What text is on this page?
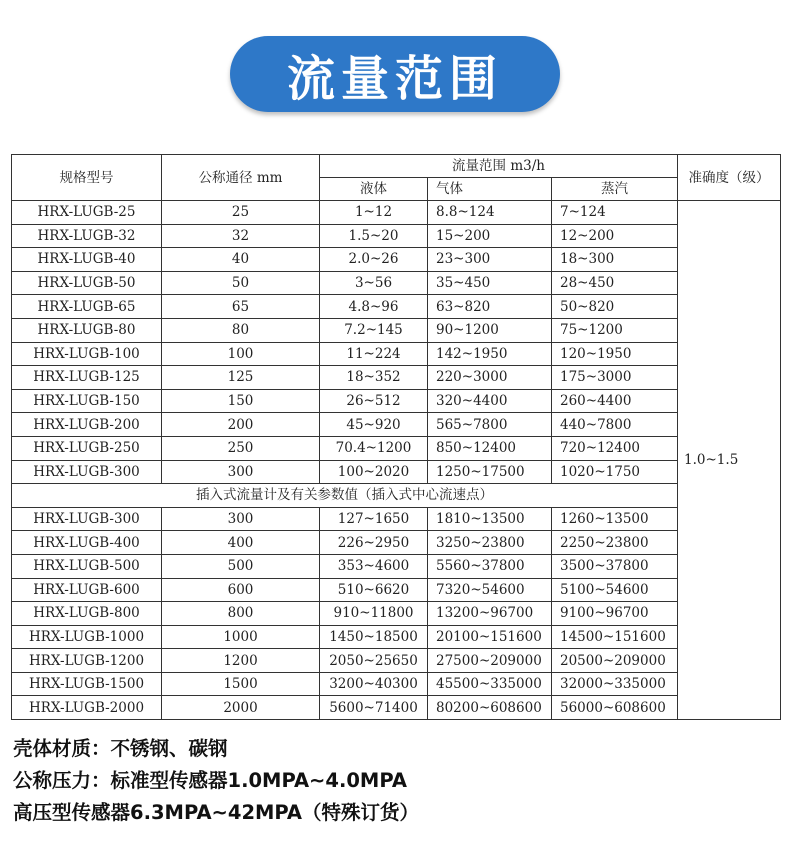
流量范围
规格型号	公称通径 mm	流量范围 m3/h			准确度（级）
		液体	气体	蒸汽	
HRX-LUGB-25	25	1~12	8.8~124	7~124	1.0~1.5
HRX-LUGB-32	32	1.5~20	15~200	12~200	
HRX-LUGB-40	40	2.0~26	23~300	18~300	
HRX-LUGB-50	50	3~56	35~450	28~450	
HRX-LUGB-65	65	4.8~96	63~820	50~820	
HRX-LUGB-80	80	7.2~145	90~1200	75~1200	
HRX-LUGB-100	100	11~224	142~1950	120~1950	
HRX-LUGB-125	125	18~352	220~3000	175~3000	
HRX-LUGB-150	150	26~512	320~4400	260~4400	
HRX-LUGB-200	200	45~920	565~7800	440~7800	
HRX-LUGB-250	250	70.4~1200	850~12400	720~12400	
HRX-LUGB-300	300	100~2020	1250~17500	1020~1750	
插入式流量计及有关参数值（插入式中心流速点）					
HRX-LUGB-300	300	127~1650	1810~13500	1260~13500	
HRX-LUGB-400	400	226~2950	3250~23800	2250~23800	
HRX-LUGB-500	500	353~4600	5560~37800	3500~37800	
HRX-LUGB-600	600	510~6620	7320~54600	5100~54600	
HRX-LUGB-800	800	910~11800	13200~96700	9100~96700	
HRX-LUGB-1000	1000	1450~18500	20100~151600	14500~151600	
HRX-LUGB-1200	1200	2050~25650	27500~209000	20500~209000	
HRX-LUGB-1500	1500	3200~40300	45500~335000	32000~335000	
HRX-LUGB-2000	2000	5600~71400	80200~608600	56000~608600	
壳体材质：不锈钢、碳钢
公称压力：标准型传感器1.0MPA~4.0MPA
高压型传感器6.3MPA~42MPA（特殊订货）
